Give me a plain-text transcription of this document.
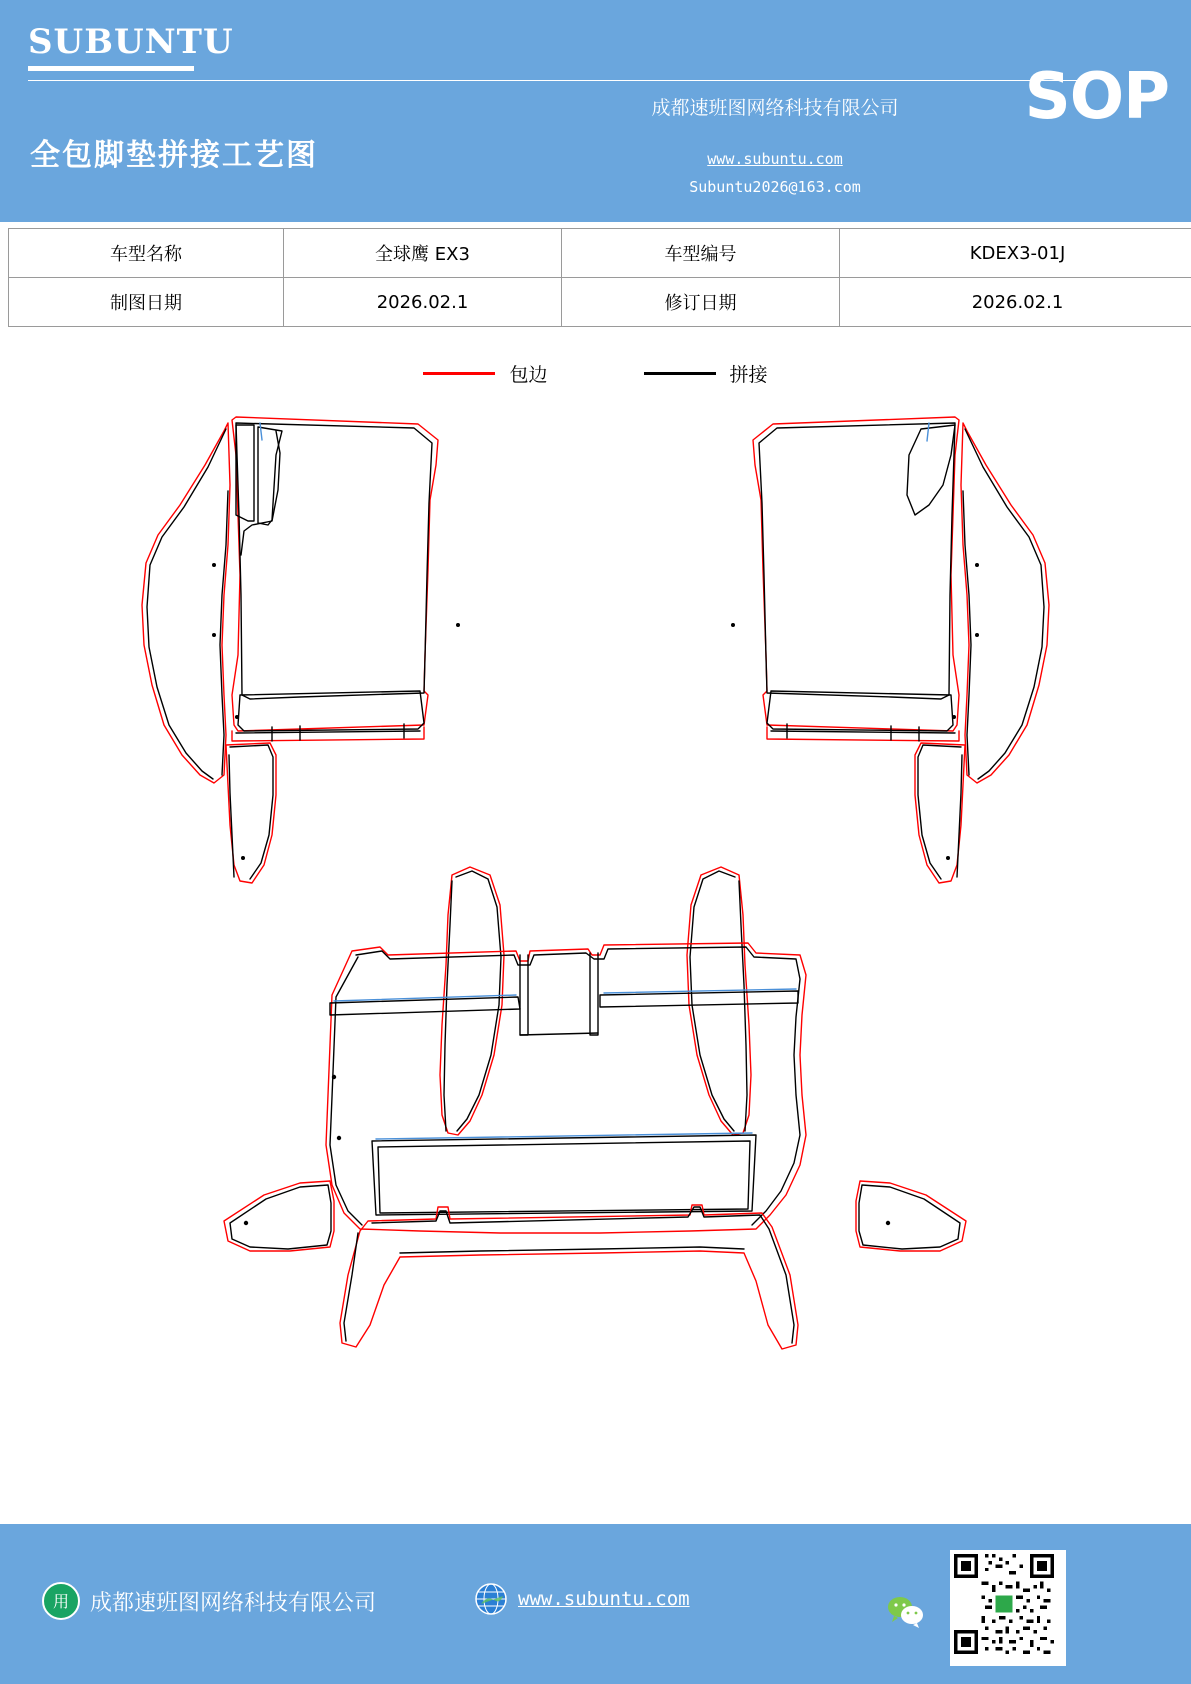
SUBUNTU
成都速班图网络科技有限公司
全包脚垫拼接工艺图	www.subuntu.com
Subuntu2026@163.com
SOP
车型名称	全球鹰 EX3	车型编号	KDEX3-01J
制图日期	2026.02.1	修订日期	2026.02.1
包边	拼接
用 成都速班图网络科技有限公司	www.subuntu.com
